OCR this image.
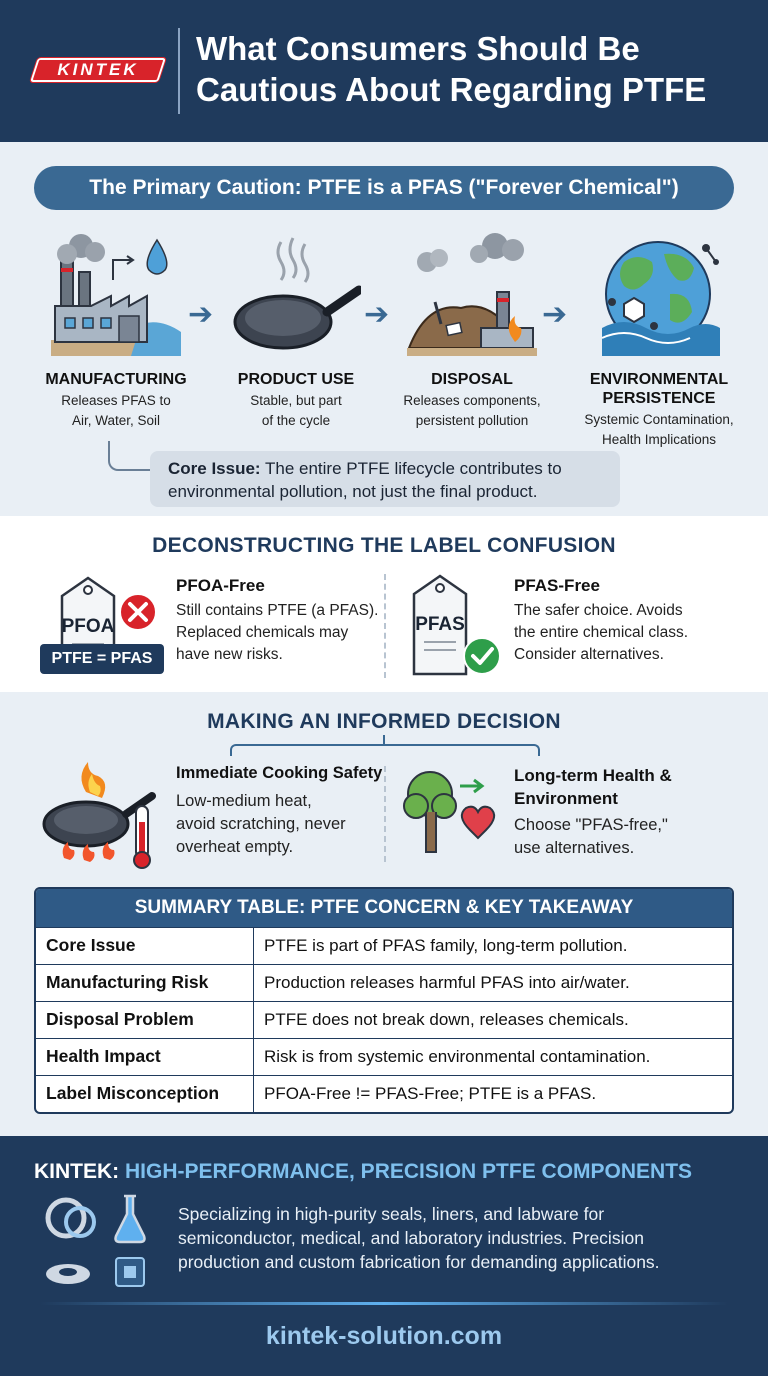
KINTEK
What Consumers Should Be
Cautious About Regarding PTFE
The Primary Caution: PTFE is a PFAS ("Forever Chemical")
MANUFACTURING
Releases PFAS to
Air, Water, Soil
➔
PRODUCT USE
Stable, but part
of the cycle
➔
DISPOSAL
Releases components,
persistent pollution
➔
ENVIRONMENTAL
PERSISTENCE
Systemic Contamination,
Health Implications
Core Issue: The entire PTFE lifecycle contributes to
environmental pollution, not just the final product.
DECONSTRUCTING THE LABEL CONFUSION
PFOA
PTFE = PFAS
PFOA-Free
Still contains PTFE (a PFAS).
Replaced chemicals may
have new risks.
PFAS
PFAS-Free
The safer choice. Avoids
the entire chemical class.
Consider alternatives.
MAKING AN INFORMED DECISION
Immediate Cooking Safety
Low-medium heat,
avoid scratching, never
overheat empty.
Long-term Health &
Environment
Choose "PFAS-free,"
use alternatives.
SUMMARY TABLE: PTFE CONCERN & KEY TAKEAWAY
Core Issue	PTFE is part of PFAS family, long-term pollution.
Manufacturing Risk	Production releases harmful PFAS into air/water.
Disposal Problem	PTFE does not break down, releases chemicals.
Health Impact	Risk is from systemic environmental contamination.
Label Misconception	PFOA-Free != PFAS-Free; PTFE is a PFAS.
KINTEK: HIGH-PERFORMANCE, PRECISION PTFE COMPONENTS
Specializing in high-purity seals, liners, and labware for
semiconductor, medical, and laboratory industries. Precision
production and custom fabrication for demanding applications.
kintek-solution.com
